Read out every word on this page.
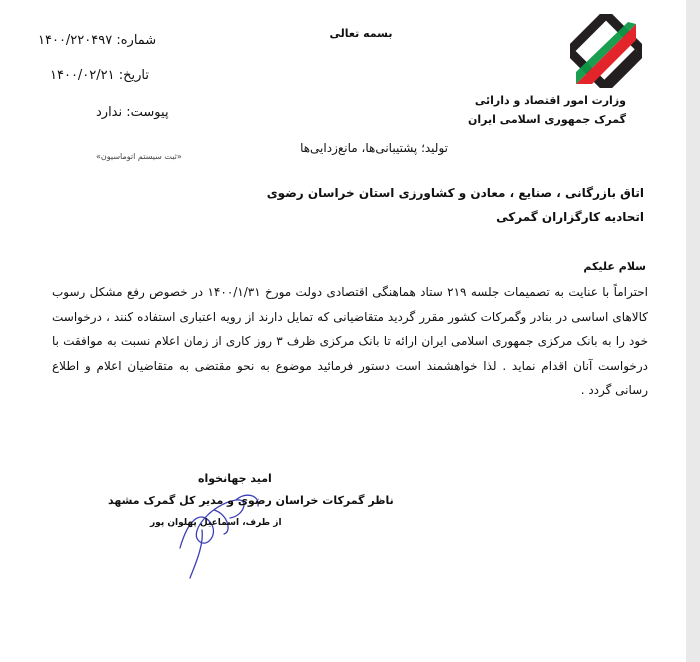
بسمه تعالی
وزارت امور اقتصاد و دارائی
گمرک جمهوری اسلامی ایران
شماره: ۱۴۰۰/۲۲۰۴۹۷
تاریخ: ۱۴۰۰/۰۲/۲۱
پیوست: ندارد
«ثبت سیستم اتوماسیون»
تولید؛ پشتیبانی‌ها، مانع‌زدایی‌ها
اتاق بازرگانی ، صنایع ، معادن و کشاورزی استان خراسان رضوی
اتحادیه کارگزاران گمرکی
سلام علیکم
احتراماً با عنایت به تصمیمات جلسه ۲۱۹ ستاد هماهنگی اقتصادی دولت مورخ ۱۴۰۰/۱/۳۱ در خصوص رفع مشکل رسوب کالاهای اساسی در بنادر وگمرکات کشور مقرر گردید متقاضیانی که تمایل دارند از رویه اعتباری استفاده کنند ، درخواست خود را به بانک مرکزی جمهوری اسلامی ایران ارائه تا بانک مرکزی ظرف ۳ روز کاری از زمان اعلام نسبت به موافقت با درخواست آنان اقدام نماید . لذا خواهشمند است دستور فرمائید موضوع به نحو مقتضی به متقاضیان اعلام و اطلاع رسانی گردد .
امید جهانخواه
ناظر گمرکات خراسان رضوی و مدیر کل گمرک مشهد
از طرف، اسماعیل پهلوان پور
